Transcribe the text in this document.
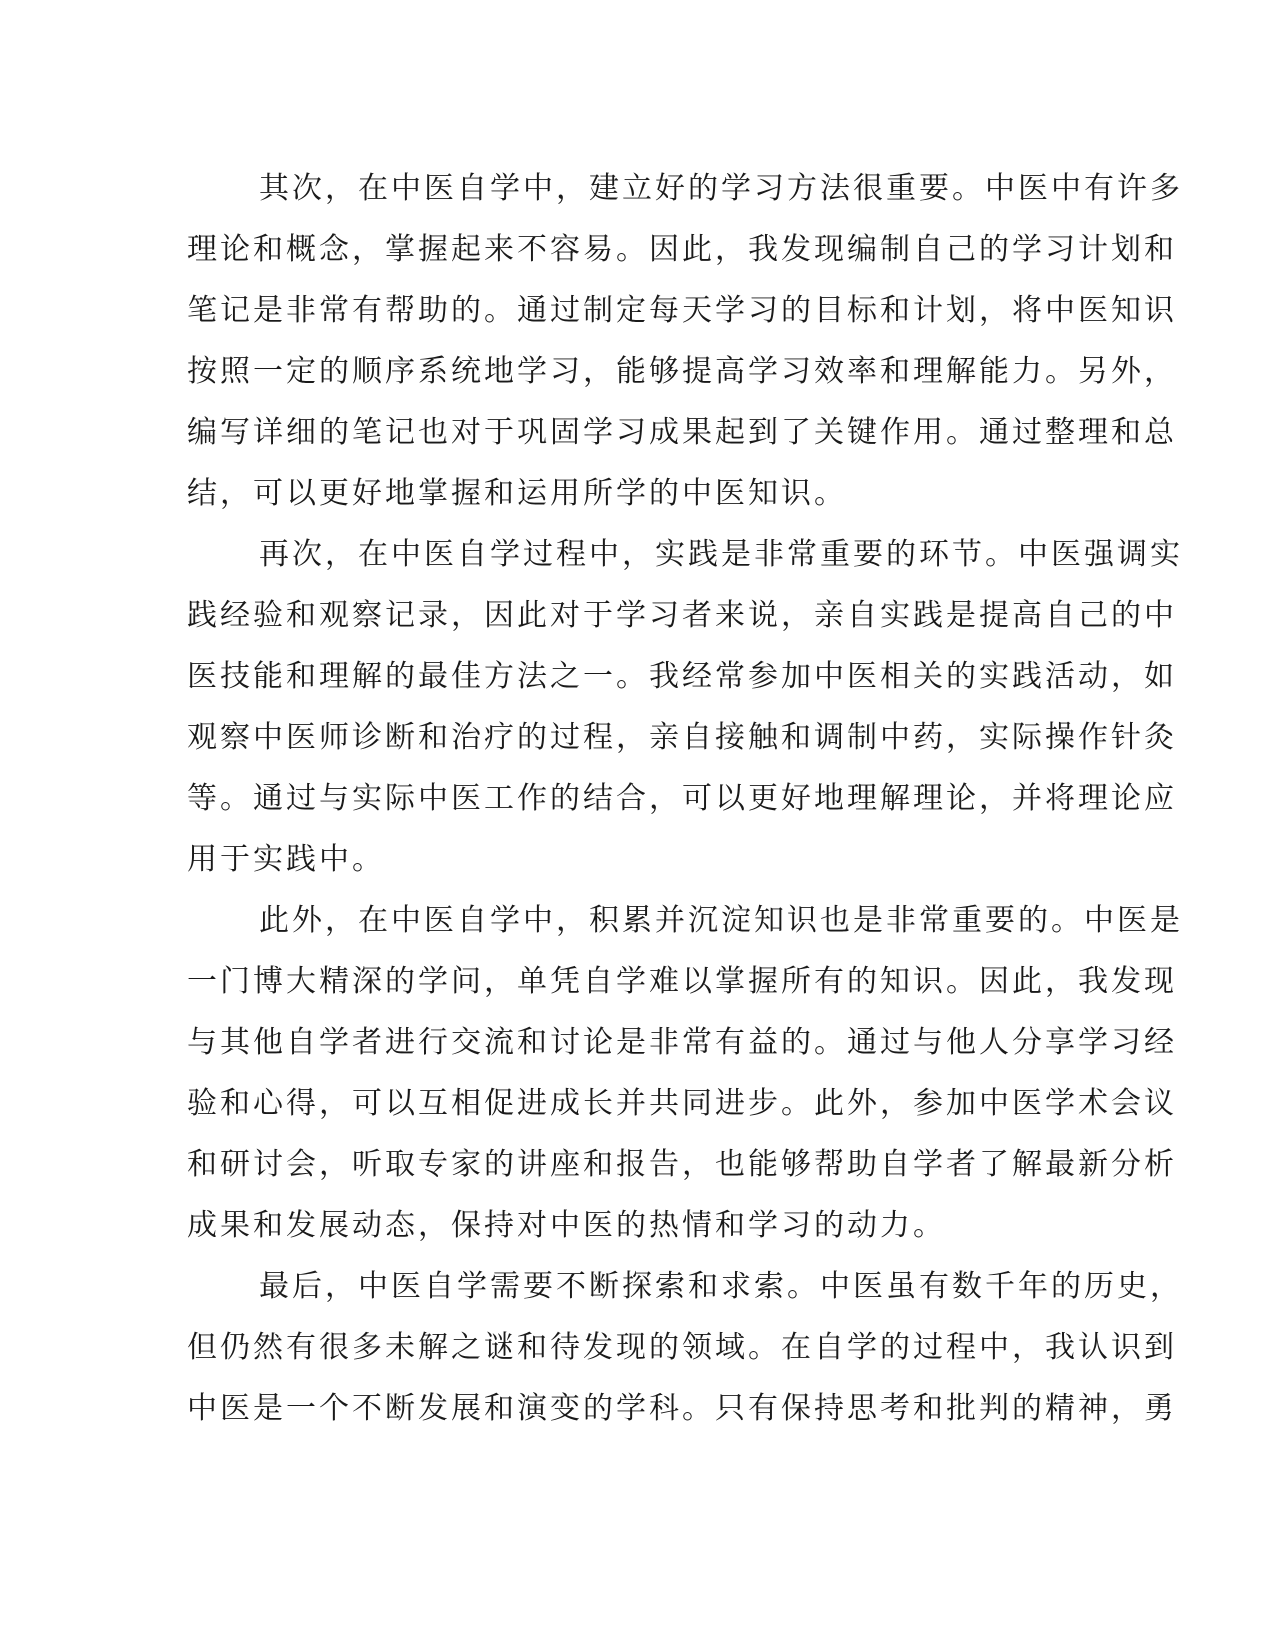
其次，在中医自学中，建立好的学习方法很重要。中医中有许多
理论和概念，掌握起来不容易。因此，我发现编制自己的学习计划和
笔记是非常有帮助的。通过制定每天学习的目标和计划，将中医知识
按照一定的顺序系统地学习，能够提高学习效率和理解能力。另外，
编写详细的笔记也对于巩固学习成果起到了关键作用。通过整理和总
结，可以更好地掌握和运用所学的中医知识。
再次，在中医自学过程中，实践是非常重要的环节。中医强调实
践经验和观察记录，因此对于学习者来说，亲自实践是提高自己的中
医技能和理解的最佳方法之一。我经常参加中医相关的实践活动，如
观察中医师诊断和治疗的过程，亲自接触和调制中药，实际操作针灸
等。通过与实际中医工作的结合，可以更好地理解理论，并将理论应
用于实践中。
此外，在中医自学中，积累并沉淀知识也是非常重要的。中医是
一门博大精深的学问，单凭自学难以掌握所有的知识。因此，我发现
与其他自学者进行交流和讨论是非常有益的。通过与他人分享学习经
验和心得，可以互相促进成长并共同进步。此外，参加中医学术会议
和研讨会，听取专家的讲座和报告，也能够帮助自学者了解最新分析
成果和发展动态，保持对中医的热情和学习的动力。
最后，中医自学需要不断探索和求索。中医虽有数千年的历史，
但仍然有很多未解之谜和待发现的领域。在自学的过程中，我认识到
中医是一个不断发展和演变的学科。只有保持思考和批判的精神，勇
